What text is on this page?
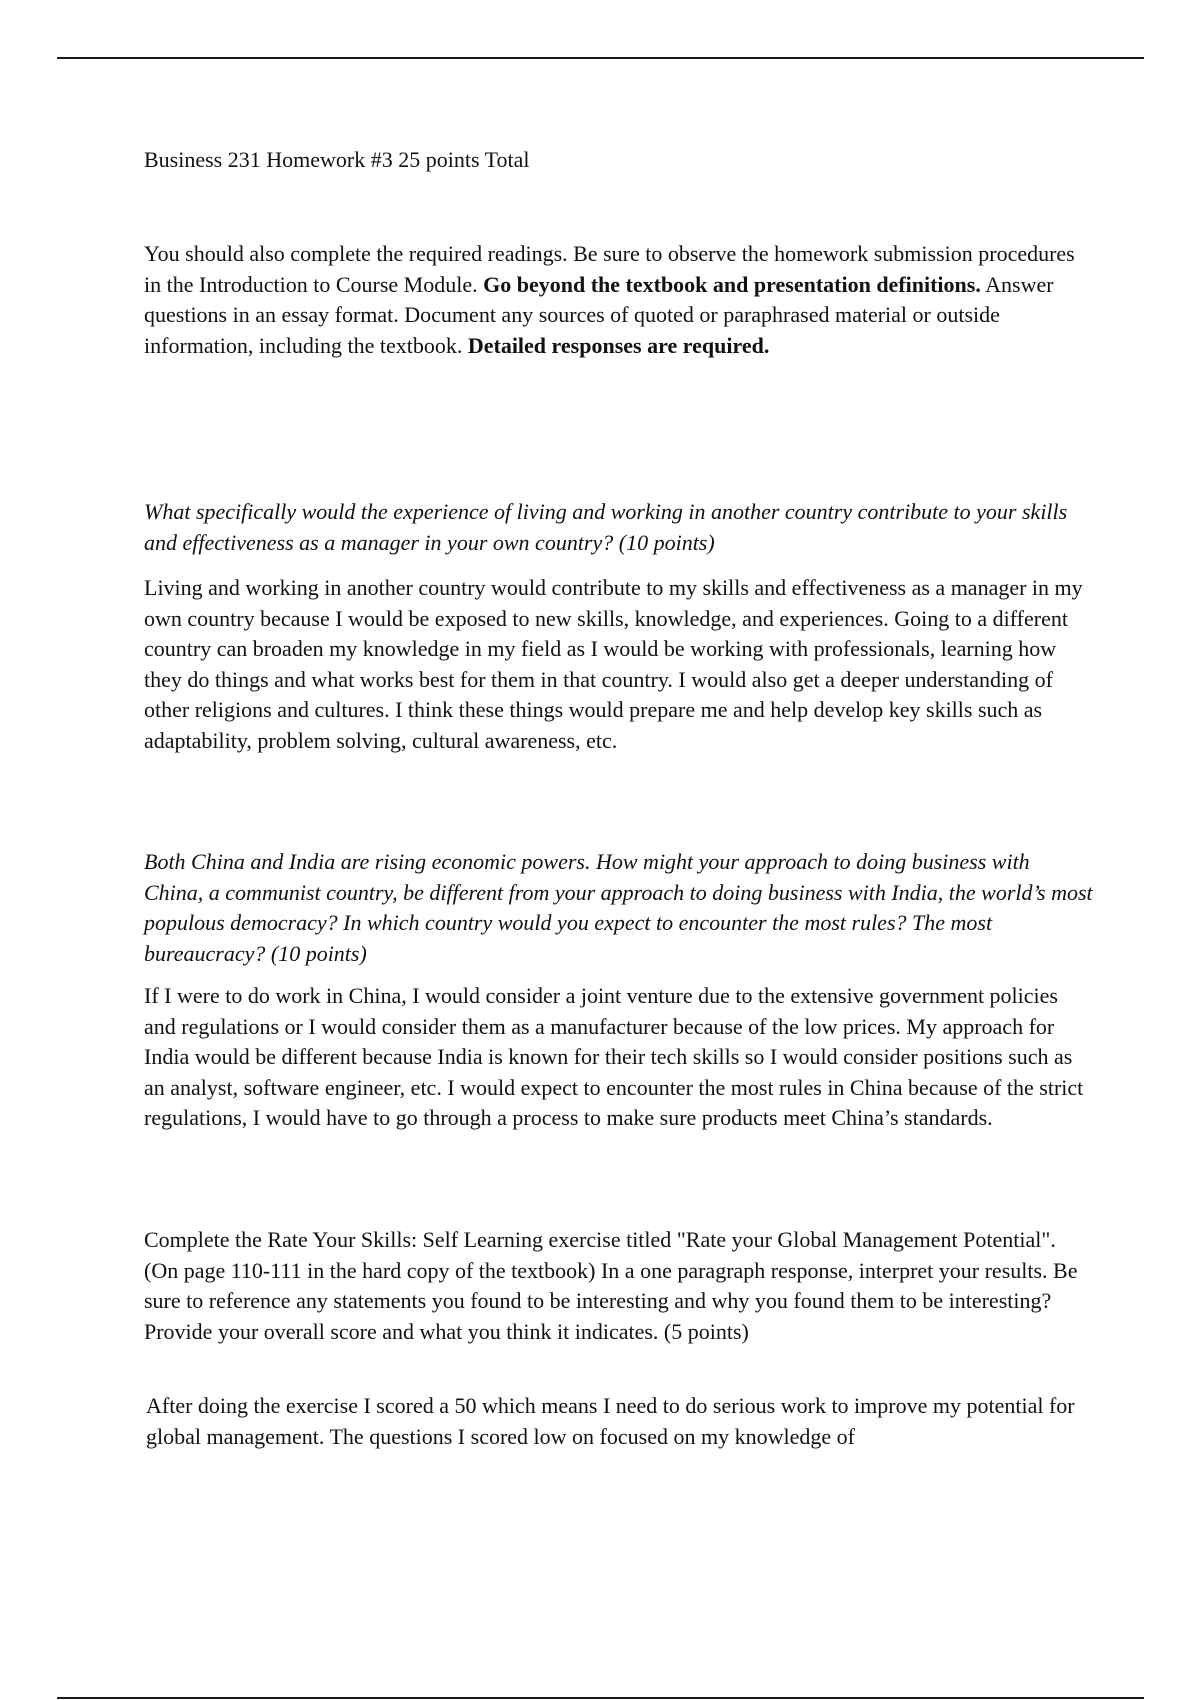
Business 231 Homework #3 25 points Total

You should also complete the required readings. Be sure to observe the homework submission procedures in the Introduction to Course Module. Go beyond the textbook and presentation definitions. Answer questions in an essay format. Document any sources of quoted or paraphrased material or outside information, including the textbook. Detailed responses are required.

What specifically would the experience of living and working in another country contribute to your skills and effectiveness as a manager in your own country? (10 points)

Living and working in another country would contribute to my skills and effectiveness as a manager in my own country because I would be exposed to new skills, knowledge, and experiences. Going to a different country can broaden my knowledge in my field as I would be working with professionals, learning how they do things and what works best for them in that country. I would also get a deeper understanding of other religions and cultures. I think these things would prepare me and help develop key skills such as adaptability, problem solving, cultural awareness, etc.

Both China and India are rising economic powers. How might your approach to doing business with China, a communist country, be different from your approach to doing business with India, the world’s most populous democracy? In which country would you expect to encounter the most rules? The most bureaucracy? (10 points)

If I were to do work in China, I would consider a joint venture due to the extensive government policies and regulations or I would consider them as a manufacturer because of the low prices. My approach for India would be different because India is known for their tech skills so I would consider positions such as an analyst, software engineer, etc. I would expect to encounter the most rules in China because of the strict regulations, I would have to go through a process to make sure products meet China’s standards.

Complete the Rate Your Skills: Self Learning exercise titled "Rate your Global Management Potential". (On page 110-111 in the hard copy of the textbook) In a one paragraph response, interpret your results. Be sure to reference any statements you found to be interesting and why you found them to be interesting? Provide your overall score and what you think it indicates. (5 points)

After doing the exercise I scored a 50 which means I need to do serious work to improve my potential for global management. The questions I scored low on focused on my knowledge of
